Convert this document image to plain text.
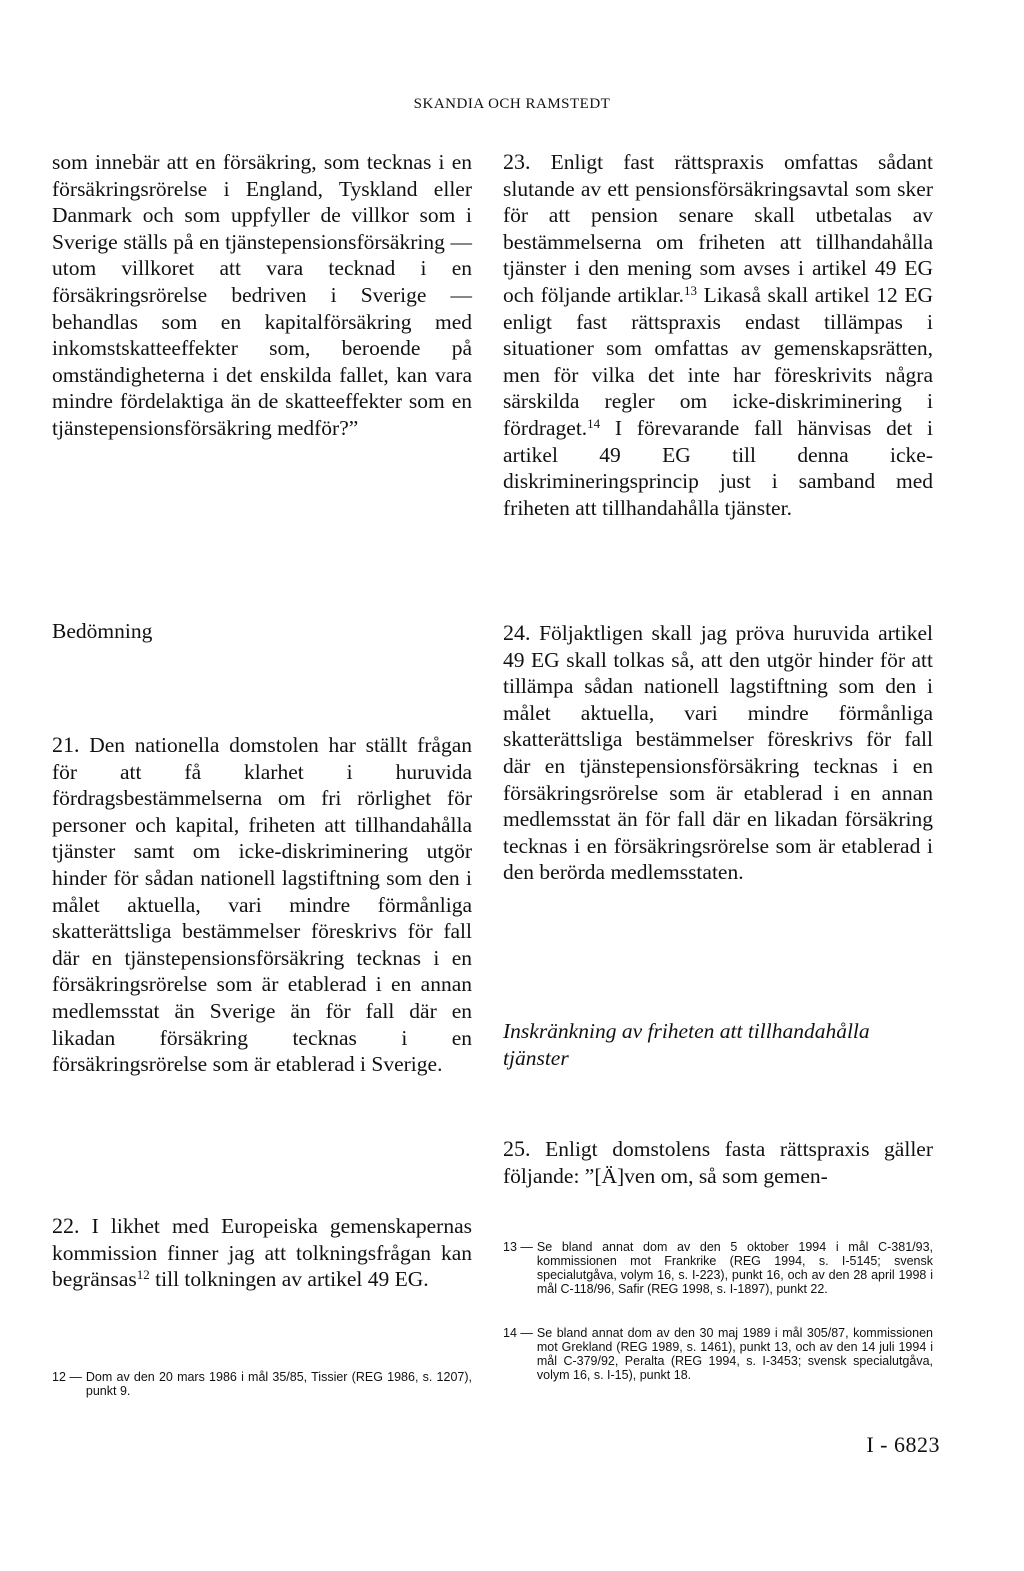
SKANDIA OCH RAMSTEDT

som innebär att en försäkring, som tecknas i en försäkringsrörelse i England, Tyskland eller Danmark och som uppfyller de villkor som i Sverige ställs på en tjänstepensionsförsäkring — utom villkoret att vara tecknad i en försäkringsrörelse bedriven i Sverige — behandlas som en kapitalförsäkring med inkomstskatteeffekter som, beroende på omständigheterna i det enskilda fallet, kan vara mindre fördelaktiga än de skatteeffekter som en tjänstepensionsförsäkring medför?”

Bedömning

21. Den nationella domstolen har ställt frågan för att få klarhet i huruvida fördragsbestämmelserna om fri rörlighet för personer och kapital, friheten att tillhandahålla tjänster samt om icke-diskriminering utgör hinder för sådan nationell lagstiftning som den i målet aktuella, vari mindre förmånliga skatterättsliga bestämmelser föreskrivs för fall där en tjänstepensionsförsäkring tecknas i en försäkringsrörelse som är etablerad i en annan medlemsstat än Sverige än för fall där en likadan försäkring tecknas i en försäkringsrörelse som är etablerad i Sverige.

22. I likhet med Europeiska gemenskapernas kommission finner jag att tolkningsfrågan kan begränsas$^{12}$ till tolkningen av artikel 49 EG.

12 — Dom av den 20 mars 1986 i mål 35/85, Tissier (REG 1986, s. 1207), punkt 9.

23. Enligt fast rättspraxis omfattas sådant slutande av ett pensionsförsäkringsavtal som sker för att pension senare skall utbetalas av bestämmelserna om friheten att tillhandahålla tjänster i den mening som avses i artikel 49 EG och följande artiklar.$^{13}$ Likaså skall artikel 12 EG enligt fast rättspraxis endast tillämpas i situationer som omfattas av gemenskapsrätten, men för vilka det inte har föreskrivits några särskilda regler om icke-diskriminering i fördraget.$^{14}$ I förevarande fall hänvisas det i artikel 49 EG till denna icke-diskrimineringsprincip just i samband med friheten att tillhandahålla tjänster.

24. Följaktligen skall jag pröva huruvida artikel 49 EG skall tolkas så, att den utgör hinder för att tillämpa sådan nationell lagstiftning som den i målet aktuella, vari mindre förmånliga skatterättsliga bestämmelser föreskrivs för fall där en tjänstepensionsförsäkring tecknas i en försäkringsrörelse som är etablerad i en annan medlemsstat än för fall där en likadan försäkring tecknas i en försäkringsrörelse som är etablerad i den berörda medlemsstaten.

Inskränkning av friheten att tillhandahålla tjänster

25. Enligt domstolens fasta rättspraxis gäller följande: ”[Ä]ven om, så som gemen-

13 — Se bland annat dom av den 5 oktober 1994 i mål C-381/93, kommissionen mot Frankrike (REG 1994, s. I-5145; svensk specialutgåva, volym 16, s. I-223), punkt 16, och av den 28 april 1998 i mål C-118/96, Safir (REG 1998, s. I-1897), punkt 22.
14 — Se bland annat dom av den 30 maj 1989 i mål 305/87, kommissionen mot Grekland (REG 1989, s. 1461), punkt 13, och av den 14 juli 1994 i mål C-379/92, Peralta (REG 1994, s. I-3453; svensk specialutgåva, volym 16, s. I-15), punkt 18.
I - 6823
